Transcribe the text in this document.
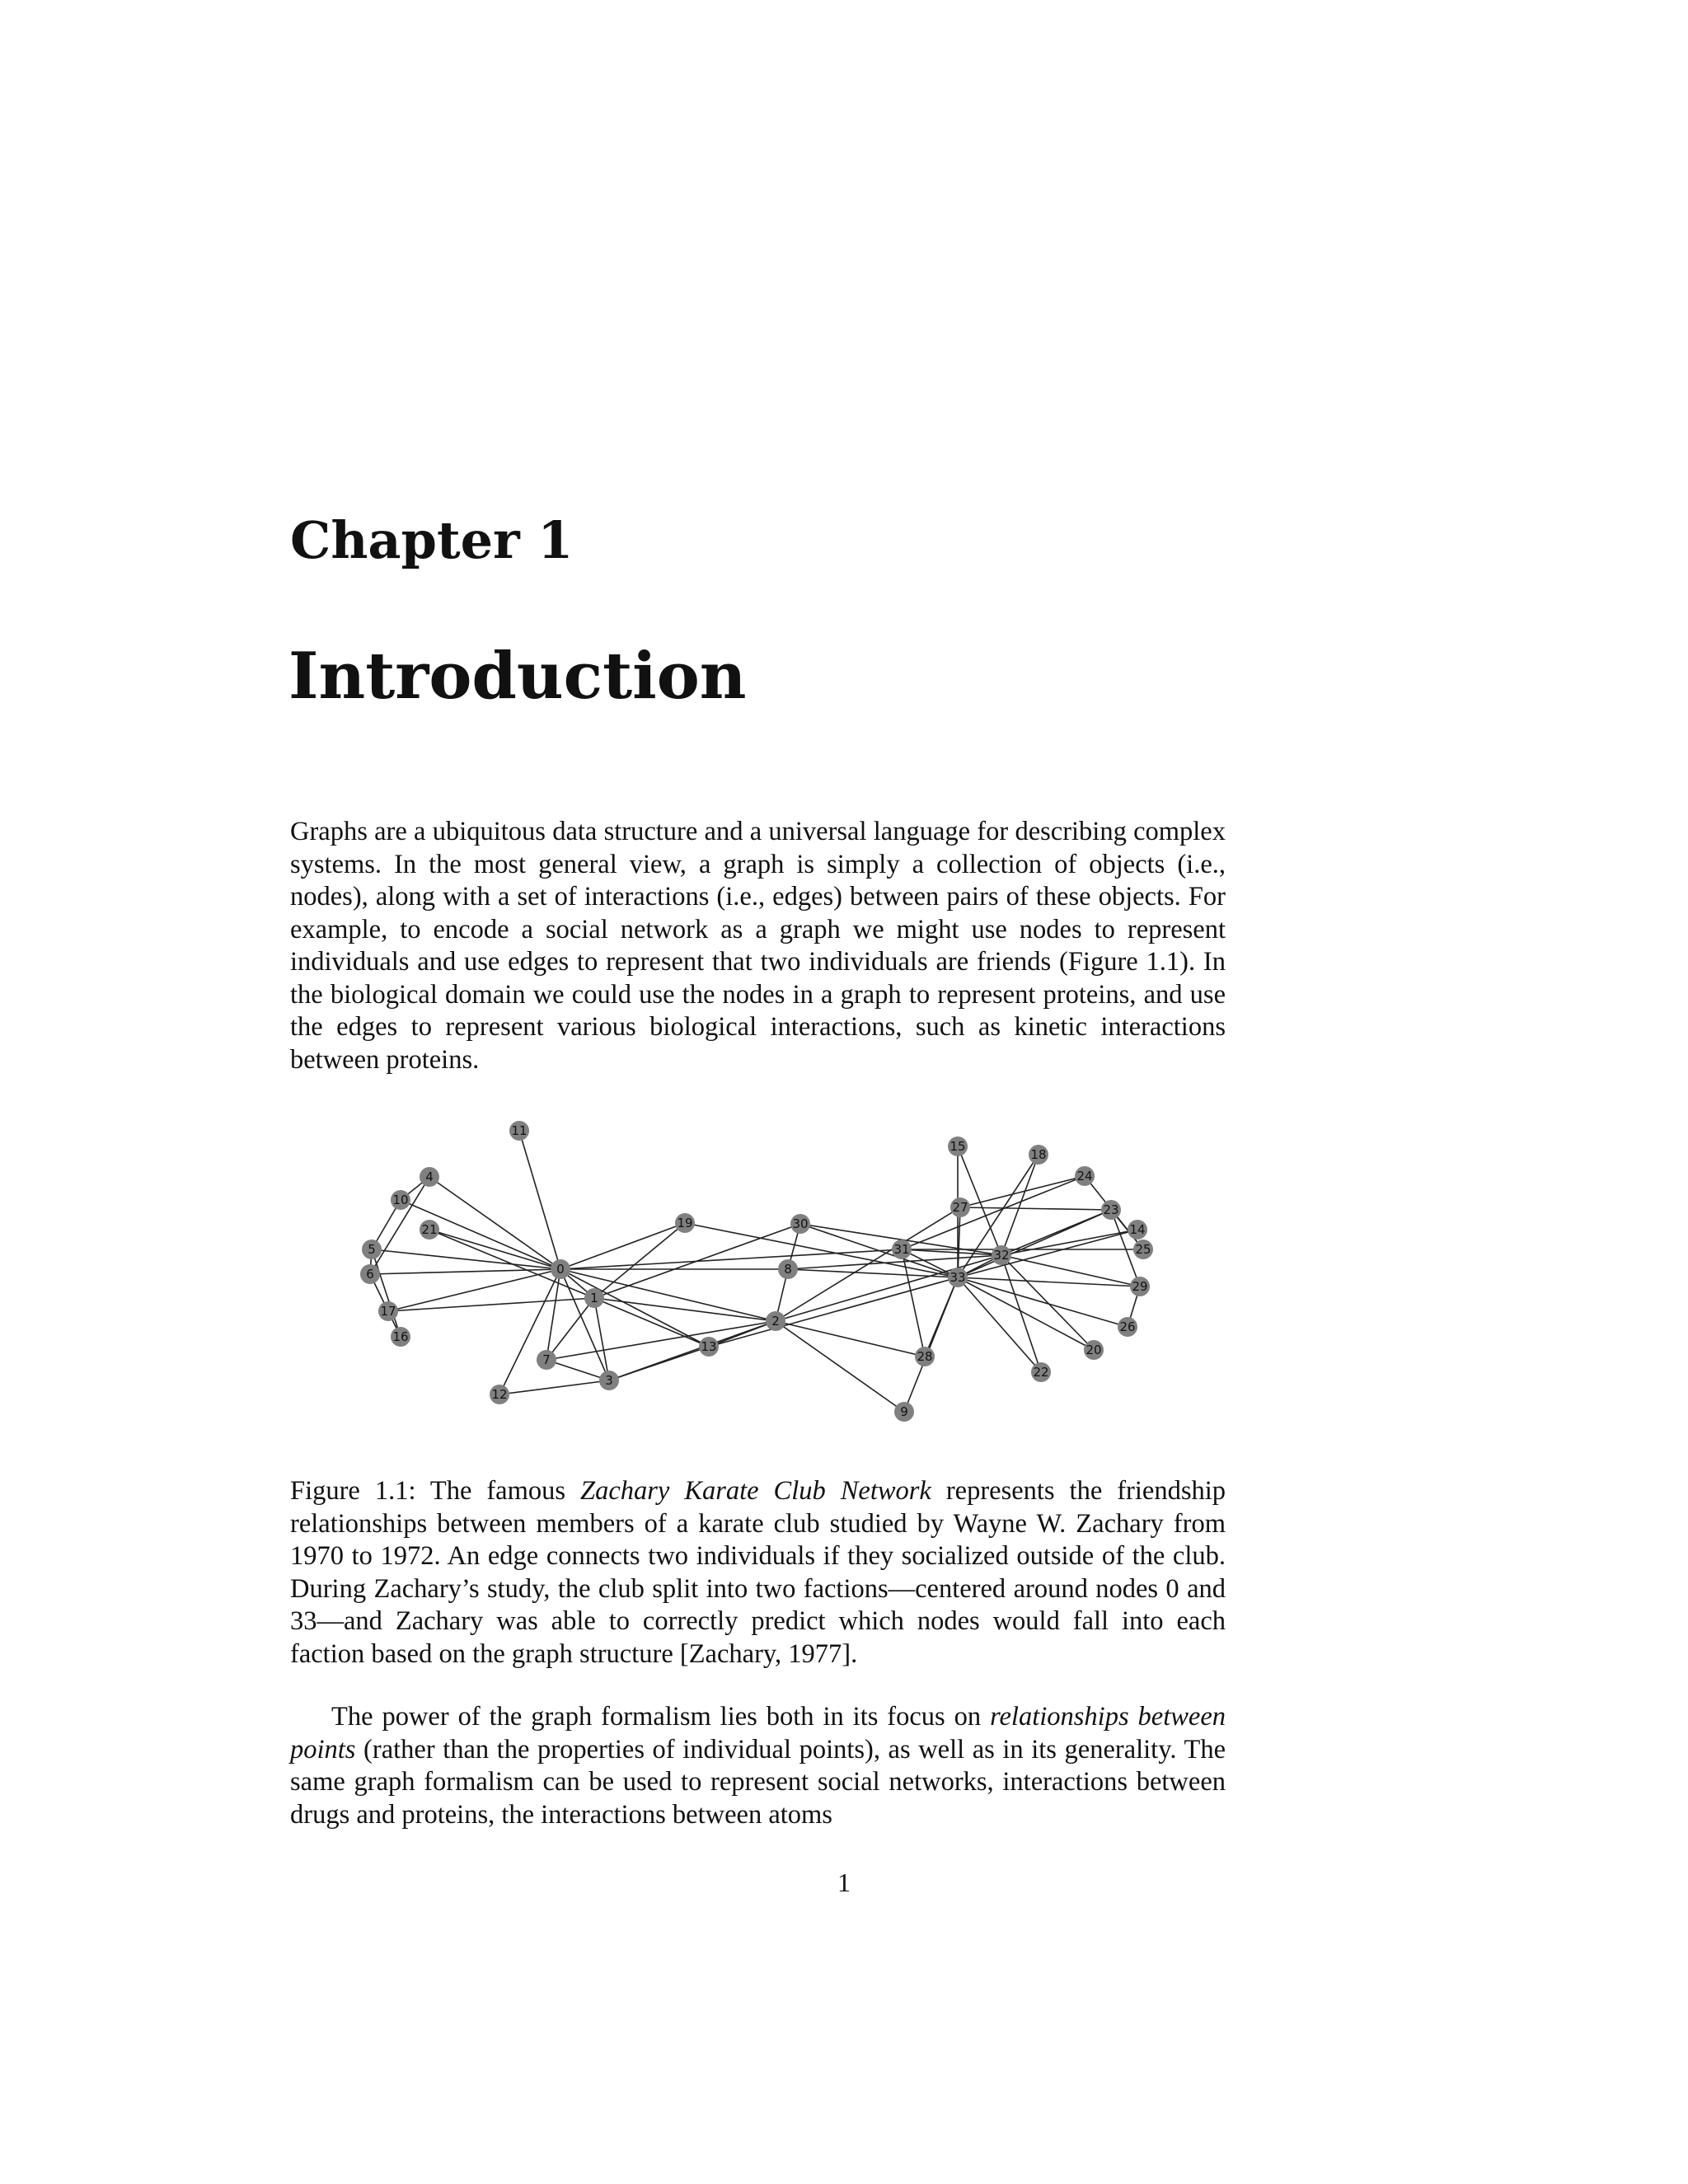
Chapter 1
Introduction

Graphs are a ubiquitous data structure and a universal language for describing complex systems. In the most general view, a graph is simply a collection of objects (i.e., nodes), along with a set of interactions (i.e., edges) between pairs of these objects. For example, to encode a social network as a graph we might use nodes to represent individuals and use edges to represent that two individuals are friends (Figure 1.1). In the biological domain we could use the nodes in a graph to represent proteins, and use the edges to represent various biological interactions, such as kinetic interactions between proteins.

0
1
2
3
4
5
6
7
8
9
10
11
12
13
14
15
16
17
18
19
20
21
22
23
24
25
26
27
28
29
30
31	32
33

Figure 1.1: The famous Zachary Karate Club Network represents the friendship relationships between members of a karate club studied by Wayne W. Zachary from 1970 to 1972. An edge connects two individuals if they socialized outside of the club. During Zachary’s study, the club split into two factions—centered around nodes 0 and 33—and Zachary was able to correctly predict which nodes would fall into each faction based on the graph structure [Zachary, 1977].

The power of the graph formalism lies both in its focus on relationships between points (rather than the properties of individual points), as well as in its generality. The same graph formalism can be used to represent social networks, interactions between drugs and proteins, the interactions between atoms

1
